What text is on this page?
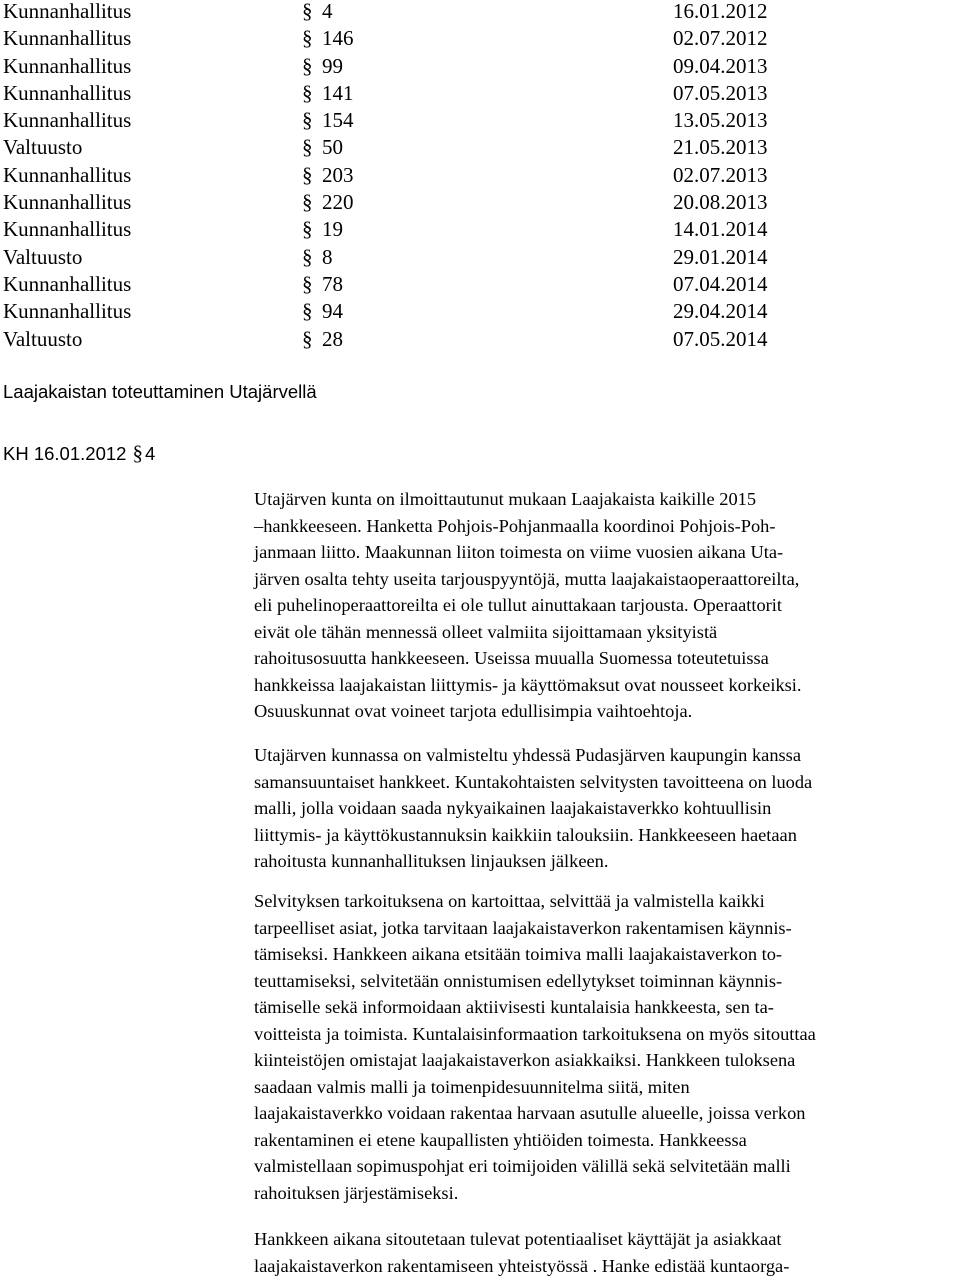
Kunnanhallitus	§ 4	16.01.2012
Kunnanhallitus	§ 146	02.07.2012
Kunnanhallitus	§ 99	09.04.2013
Kunnanhallitus	§ 141	07.05.2013
Kunnanhallitus	§ 154	13.05.2013
Valtuusto	§ 50	21.05.2013
Kunnanhallitus	§ 203	02.07.2013
Kunnanhallitus	§ 220	20.08.2013
Kunnanhallitus	§ 19	14.01.2014
Valtuusto	§ 8	29.01.2014
Kunnanhallitus	§ 78	07.04.2014
Kunnanhallitus	§ 94	29.04.2014
Valtuusto	§ 28	07.05.2014
Laajakaistan toteuttaminen Utajärvellä
KH 16.01.2012 § 4
Utajärven kunta on ilmoittautunut mukaan Laajakaista kaikille 2015
–hankkeeseen. Hanketta Pohjois-Pohjanmaalla koordinoi Pohjois-Poh-
janmaan liitto. Maakunnan liiton toimesta on viime vuosien aikana Uta-
järven osalta tehty useita tarjouspyyntöjä, mutta laajakaistaoperaattoreilta,
eli puhelinoperaattoreilta ei ole tullut ainuttakaan tarjousta. Operaattorit
eivät ole tähän mennessä olleet valmiita sijoittamaan yksityistä
rahoitusosuutta hankkeeseen. Useissa muualla Suomessa toteutetuissa
hankkeissa laajakaistan liittymis- ja käyttömaksut ovat nousseet korkeiksi.
Osuuskunnat ovat voineet tarjota edullisimpia vaihtoehtoja.
Utajärven kunnassa on valmisteltu yhdessä Pudasjärven kaupungin kanssa
samansuuntaiset hankkeet. Kuntakohtaisten selvitysten tavoitteena on luoda
malli, jolla voidaan saada nykyaikainen laajakaistaverkko kohtuullisin
liittymis- ja käyttökustannuksin kaikkiin talouksiin. Hankkeeseen haetaan
rahoitusta kunnanhallituksen linjauksen jälkeen.
Selvityksen tarkoituksena on kartoittaa, selvittää ja valmistella kaikki
tarpeelliset asiat, jotka tarvitaan laajakaistaverkon rakentamisen käynnis-
tämiseksi. Hankkeen aikana etsitään toimiva malli laajakaistaverkon to-
teuttamiseksi, selvitetään onnistumisen edellytykset toiminnan käynnis-
tämiselle sekä informoidaan aktiivisesti kuntalaisia hankkeesta, sen ta-
voitteista ja toimista. Kuntalaisinformaation tarkoituksena on myös sitouttaa
kiinteistöjen omistajat laajakaistaverkon asiakkaiksi. Hankkeen tuloksena
saadaan valmis malli ja toimenpidesuunnitelma siitä, miten
laajakaistaverkko voidaan rakentaa harvaan asutulle alueelle, joissa verkon
rakentaminen ei etene kaupallisten yhtiöiden toimesta. Hankkeessa
valmistellaan sopimuspohjat eri toimijoiden välillä sekä selvitetään malli
rahoituksen järjestämiseksi.
Hankkeen aikana sitoutetaan tulevat potentiaaliset käyttäjät ja asiakkaat
laajakaistaverkon rakentamiseen yhteistyössä . Hanke edistää kuntaorga-
